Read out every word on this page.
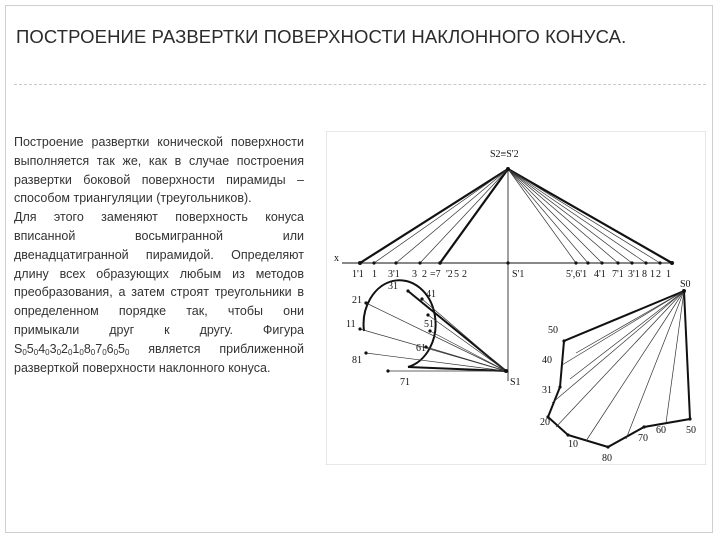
ПОСТРОЕНИЕ РАЗВЕРТКИ ПОВЕРХНОСТИ НАКЛОННОГО КОНУСА.

Построение развертки конической поверхности выполняется так же, как в случае построения развертки боковой поверхности пирамиды – способом триангуляции (треугольников).

Для этого заменяют поверхность конуса вписанной восьмигранной или двенадцатигранной пирамидой. Определяют длину всех образующих любым из методов преобразования, а затем строят треугольники в определенном порядке так, чтобы они примыкали друг к другу. Фигура $S_05_04_03_02_01_08_07_06_05_0$ является приближенной разверткой поверхности наклонного конуса.

S2≡S'2
x
S'1
S1
S0
1'1 1 3'1 3 2 =7 '2 5 2	5',6'1 4'1 7'1 3'1 8 1 2 1
21
11
81
71
31
41
51
61
50
40
31
20
10
80
70
60 50
